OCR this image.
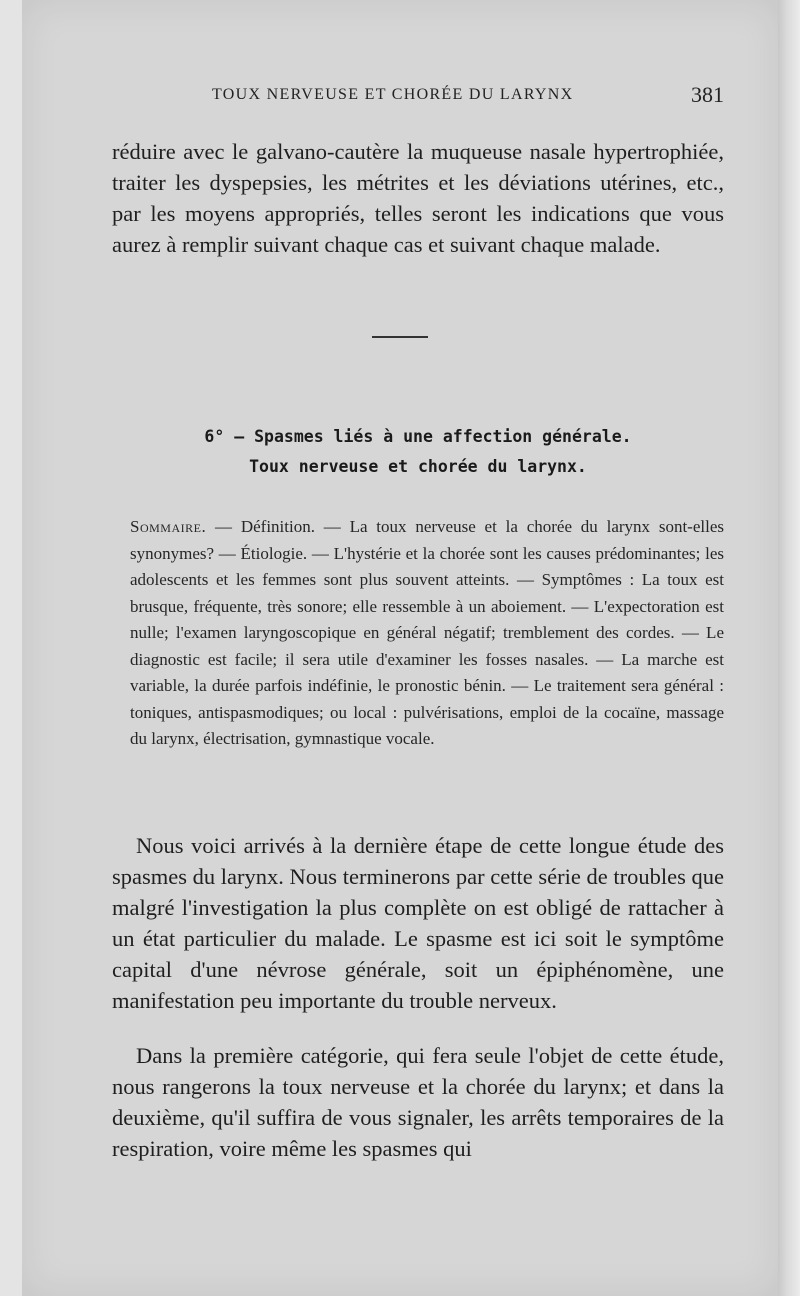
TOUX NERVEUSE ET CHORÉE DU LARYNX	381

réduire avec le galvano-cautère la muqueuse nasale hypertrophiée, traiter les dyspepsies, les métrites et les déviations utérines, etc., par les moyens appropriés, telles seront les indications que vous aurez à remplir suivant chaque cas et suivant chaque malade.

6° — Spasmes liés à une affection générale.
Toux nerveuse et chorée du larynx.

Sommaire. — Définition. — La toux nerveuse et la chorée du larynx sont-elles synonymes? — Étiologie. — L'hystérie et la chorée sont les causes prédominantes; les adolescents et les femmes sont plus souvent atteints. — Symptômes : La toux est brusque, fréquente, très sonore; elle ressemble à un aboiement. — L'expectoration est nulle; l'examen laryngoscopique en général négatif; tremblement des cordes. — Le diagnostic est facile; il sera utile d'examiner les fosses nasales. — La marche est variable, la durée parfois indéfinie, le pronostic bénin. — Le traitement sera général : toniques, antispasmodiques; ou local : pulvérisations, emploi de la cocaïne, massage du larynx, électrisation, gymnastique vocale.

Nous voici arrivés à la dernière étape de cette longue étude des spasmes du larynx. Nous terminerons par cette série de troubles que malgré l'investigation la plus complète on est obligé de rattacher à un état particulier du malade. Le spasme est ici soit le symptôme capital d'une névrose générale, soit un épiphénomène, une manifestation peu importante du trouble nerveux.

Dans la première catégorie, qui fera seule l'objet de cette étude, nous rangerons la toux nerveuse et la chorée du larynx; et dans la deuxième, qu'il suffira de vous signaler, les arrêts temporaires de la respiration, voire même les spasmes qui
